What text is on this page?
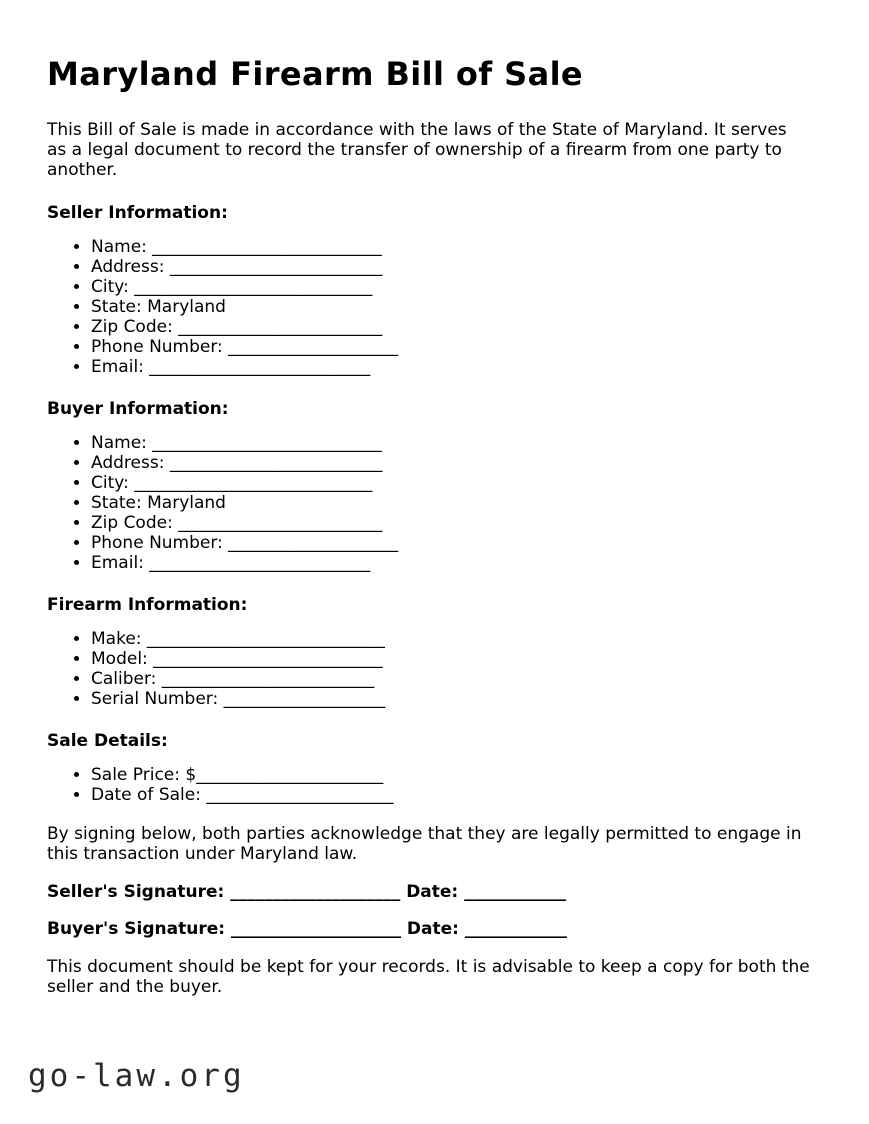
Maryland Firearm Bill of Sale

This Bill of Sale is made in accordance with the laws of the State of Maryland. It serves as a legal document to record the transfer of ownership of a firearm from one party to another.

Seller Information:

• Name: ___________________________
• Address: _________________________
• City: ____________________________
• State: Maryland
• Zip Code: ________________________
• Phone Number: ____________________
• Email: __________________________

Buyer Information:

• Name: ___________________________
• Address: _________________________
• City: ____________________________
• State: Maryland
• Zip Code: ________________________
• Phone Number: ____________________
• Email: __________________________

Firearm Information:

• Make: ____________________________
• Model: ___________________________
• Caliber: _________________________
• Serial Number: ___________________

Sale Details:

• Sale Price: $______________________
• Date of Sale: ______________________

By signing below, both parties acknowledge that they are legally permitted to engage in this transaction under Maryland law.

Seller's Signature: ____________________ Date: ____________

Buyer's Signature: ____________________ Date: ____________

This document should be kept for your records. It is advisable to keep a copy for both the seller and the buyer.

go-law.org
